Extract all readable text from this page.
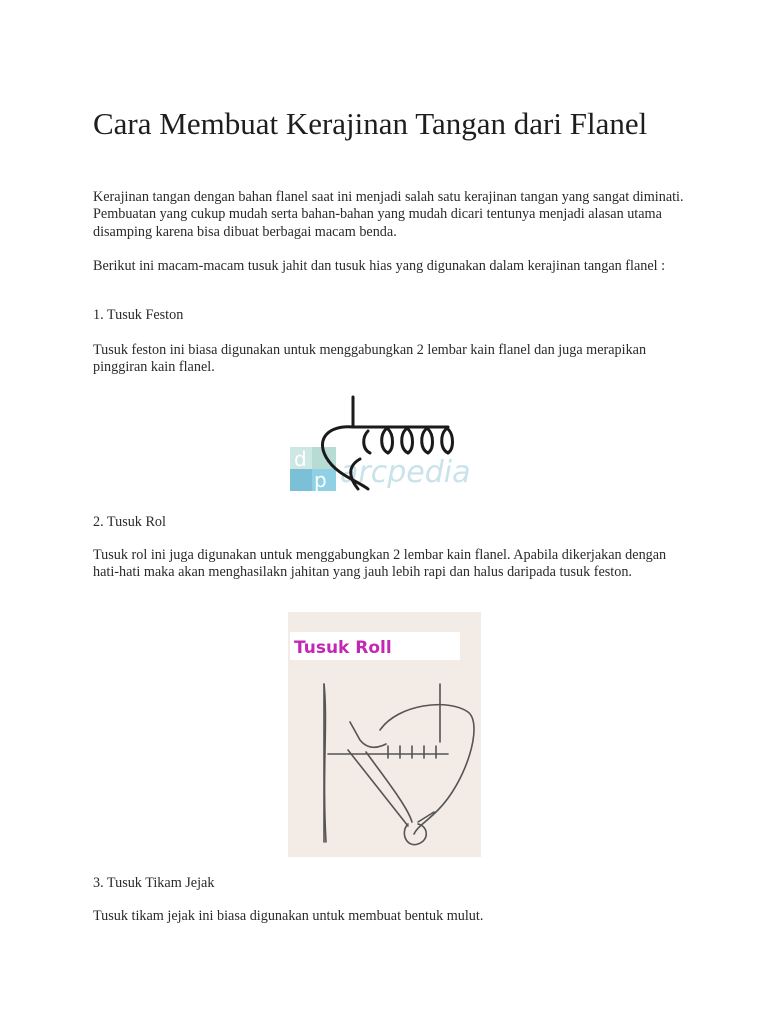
Cara Membuat Kerajinan Tangan dari Flanel

Kerajinan tangan dengan bahan flanel saat ini menjadi salah satu kerajinan tangan yang sangat diminati. Pembuatan yang cukup mudah serta bahan-bahan yang mudah dicari tentunya menjadi alasan utama disamping karena bisa dibuat berbagai macam benda.

Berikut ini macam-macam tusuk jahit dan tusuk hias yang digunakan dalam kerajinan tangan flanel :

1. Tusuk Feston

Tusuk feston ini biasa digunakan untuk menggabungkan 2 lembar kain flanel dan juga merapikan pinggiran kain flanel.

d
p arcpedia

2. Tusuk Rol

Tusuk rol ini juga digunakan untuk menggabungkan 2 lembar kain flanel. Apabila dikerjakan dengan hati-hati maka akan menghasilakn jahitan yang jauh lebih rapi dan halus daripada tusuk feston.

Tusuk Roll

3. Tusuk Tikam Jejak

Tusuk tikam jejak ini biasa digunakan untuk membuat bentuk mulut.
